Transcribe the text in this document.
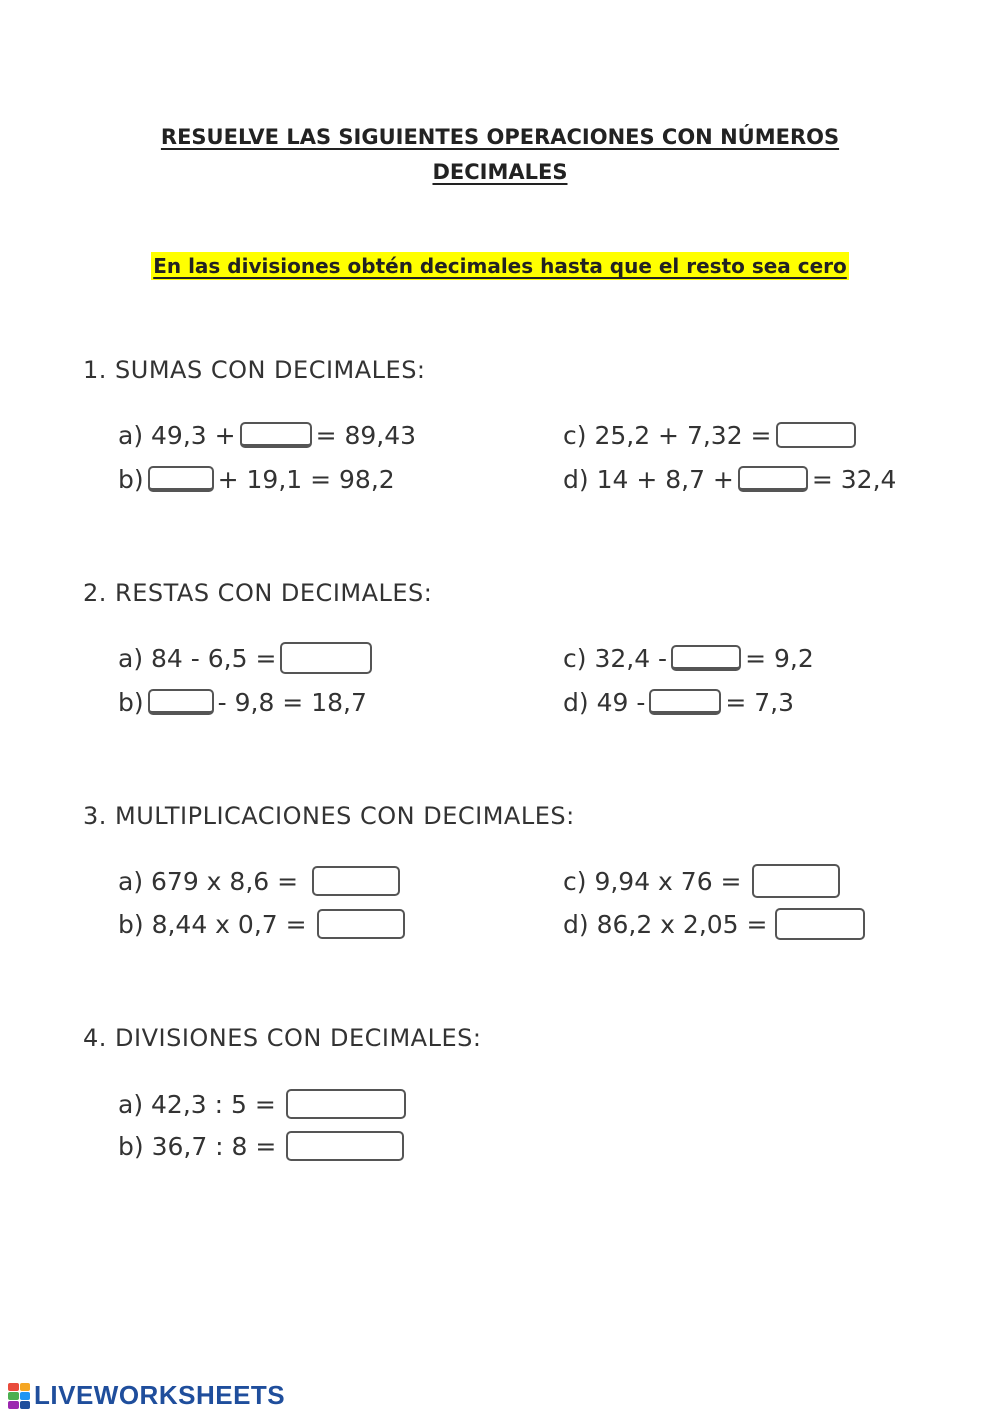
RESUELVE LAS SIGUIENTES OPERACIONES CON NÚMEROS
DECIMALES
En las divisiones obtén decimales hasta que el resto sea cero
1. SUMAS CON DECIMALES:
a) 49,3 +	= 89,43
b)	+ 19,1 = 98,2
c) 25,2 + 7,32 =
d) 14 + 8,7 +	= 32,4
2. RESTAS CON DECIMALES:
a) 84 - 6,5 =
b)	- 9,8 = 18,7
c) 32,4 -	= 9,2
d) 49 -	= 7,3
3. MULTIPLICACIONES CON DECIMALES:
a) 679 x 8,6 =
b) 8,44 x 0,7 =
c) 9,94 x 76 =
d) 86,2 x 2,05 =
4. DIVISIONES CON DECIMALES:
a) 42,3 : 5 =
b) 36,7 : 8 =
LIVE WORKSHEETS
